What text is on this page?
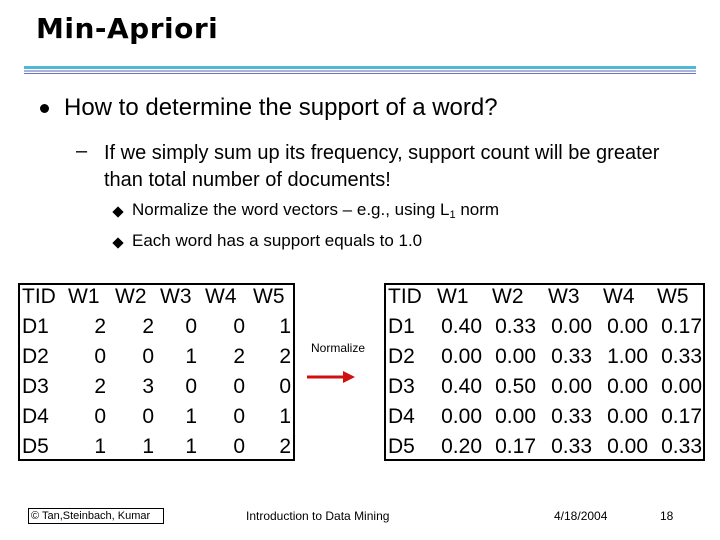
Min-Apriori
How to determine the support of a word?
– If we simply sum up its frequency, support count will be greater than total number of documents!
Normalize the word vectors – e.g., using $L_1$ norm
Each word has a support equals to 1.0
TID W1 W2 W3 W4 W5
D1	2	2	0	0	1
D2	0	0	1	2	2
D3	2	3	0	0	0
D4	0	0	1	0	1
D5	1	1	1	0	2
TID W1 W2 W3 W4 W5
D1	0.40 0.33 0.00 0.00 0.17
D2	0.00 0.00 0.33 1.00 0.33
D3	0.40 0.50 0.00 0.00 0.00
D4	0.00 0.00 0.33 0.00 0.17
D5	0.20 0.17 0.33 0.00 0.33
Normalize
© Tan,Steinbach, Kumar	Introduction to Data Mining	4/18/2004	18
